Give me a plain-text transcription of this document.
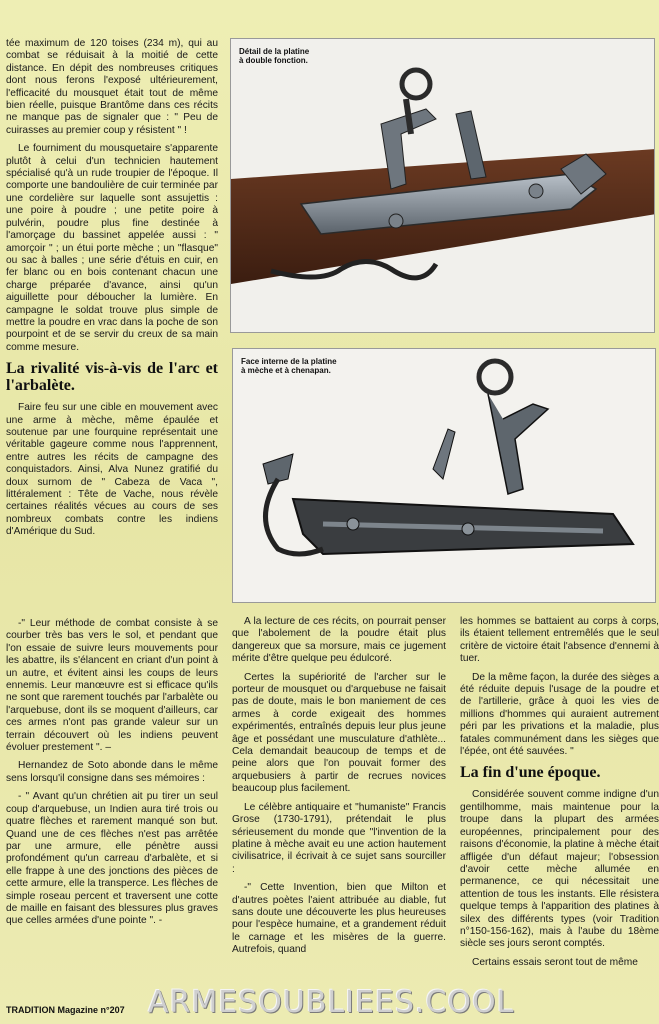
tée maximum de 120 toises (234 m), qui au combat se réduisait à la moitié de cette distance. En dépit des nombreuses critiques dont nous ferons l'exposé ultérieurement, l'efficacité du mousquet était tout de même bien réelle, puisque Brantôme dans ces récits ne manque pas de signaler que : " Peu de cuirasses au premier coup y résistent " !

Le fourniment du mousquetaire s'apparente plutôt à celui d'un technicien hautement spécialisé qu'à un rude troupier de l'époque. Il comporte une bandoulière de cuir terminée par une cordelière sur laquelle sont assujettis : une poire à poudre ; une petite poire à pulvérin, poudre plus fine destinée à l'amorçage du bassinet appelée aussi : " amorçoir " ; un étui porte mèche ; un "flasque" ou sac à balles ; une série d'étuis en cuir, en fer blanc ou en bois contenant chacun une charge préparée d'avance, ainsi qu'un aiguillette pour déboucher la lumière. En campagne le soldat trouve plus simple de mettre la poudre en vrac dans la poche de son pourpoint et de se servir du creux de sa main comme mesure.

La rivalité vis-à-vis de l'arc et l'arbalète.

Faire feu sur une cible en mouvement avec une arme à mèche, même épaulée et soutenue par une fourquine représentait une véritable gageure comme nous l'apprennent, entre autres les récits de campagne des conquistadors. Ainsi, Alva Nunez gratifié du doux surnom de " Cabeza de Vaca ", littéralement : Tête de Vache, nous révèle certaines réalités vécues au cours de ses nombreux combats contre les indiens d'Amérique du Sud.

Détail de la platine
à double fonction.
Face interne de la platine
à mèche et à chenapan.

-" Leur méthode de combat consiste à se courber très bas vers le sol, et pendant que l'on essaie de suivre leurs mouvements pour les abattre, ils s'élancent en criant d'un point à un autre, et évitent ainsi les coups de leurs ennemis. Leur manœuvre est si efficace qu'ils ne sont que rarement touchés par l'arbalète ou l'arquebuse, dont ils se moquent d'ailleurs, car ces armes n'ont pas grande valeur sur un terrain découvert où les indiens peuvent évoluer prestement ". –

Hernandez de Soto abonde dans le même sens lorsqu'il consigne dans ses mémoires :

- " Avant qu'un chrétien ait pu tirer un seul coup d'arquebuse, un Indien aura tiré trois ou quatre flèches et rarement manqué son but. Quand une de ces flèches n'est pas arrêtée par une armure, elle pénètre aussi profondément qu'un carreau d'arbalète, et si elle frappe à une des jonctions des pièces de cette armure, elle la transperce. Les flèches de simple roseau percent et traversent une cotte de maille en faisant des blessures plus graves que celles armées d'une pointe ". -

A la lecture de ces récits, on pourrait penser que l'abolement de la poudre était plus dangereux que sa morsure, mais ce jugement mérite d'être quelque peu édulcoré.

Certes la supériorité de l'archer sur le porteur de mousquet ou d'arquebuse ne faisait pas de doute, mais le bon maniement de ces armes à corde exigeait des hommes expérimentés, entraînés depuis leur plus jeune âge et possédant une musculature d'athlète... Cela demandait beaucoup de temps et de peine alors que l'on pouvait former des arquebusiers à partir de recrues novices beaucoup plus facilement.

Le célèbre antiquaire et "humaniste" Francis Grose (1730-1791), prétendait le plus sérieusement du monde que "l'invention de la platine à mèche avait eu une action hautement civilisatrice, il écrivait à ce sujet sans sourciller :

-" Cette Invention, bien que Milton et d'autres poètes l'aient attribuée au diable, fut sans doute une découverte les plus heureuses pour l'espèce humaine, et a grandement réduit le carnage et les misères de la guerre. Autrefois, quand

les hommes se battaient au corps à corps, ils étaient tellement entremêlés que le seul critère de victoire était l'absence d'ennemi à tuer.

De la même façon, la durée des sièges a été réduite depuis l'usage de la poudre et de l'artillerie, grâce à quoi les vies de millions d'hommes qui auraient autrement péri par les privations et la maladie, plus fatales communément dans les sièges que l'épée, ont été sauvées. "

La fin d'une époque.

Considérée souvent comme indigne d'un gentilhomme, mais maintenue pour la troupe dans la plupart des armées européennes, principalement pour des raisons d'économie, la platine à mèche était affligée d'un défaut majeur; l'obsession d'avoir cette mèche allumée en permanence, ce qui nécessitait une attention de tous les instants. Elle résistera quelque temps à l'apparition des platines à silex des différents types (voir Tradition n°150-156-162), mais à l'aube du 18ème siècle ses jours seront comptés.

Certains essais seront tout de même

ARMESOUBLIEES.COOL
TRADITION Magazine n°207
